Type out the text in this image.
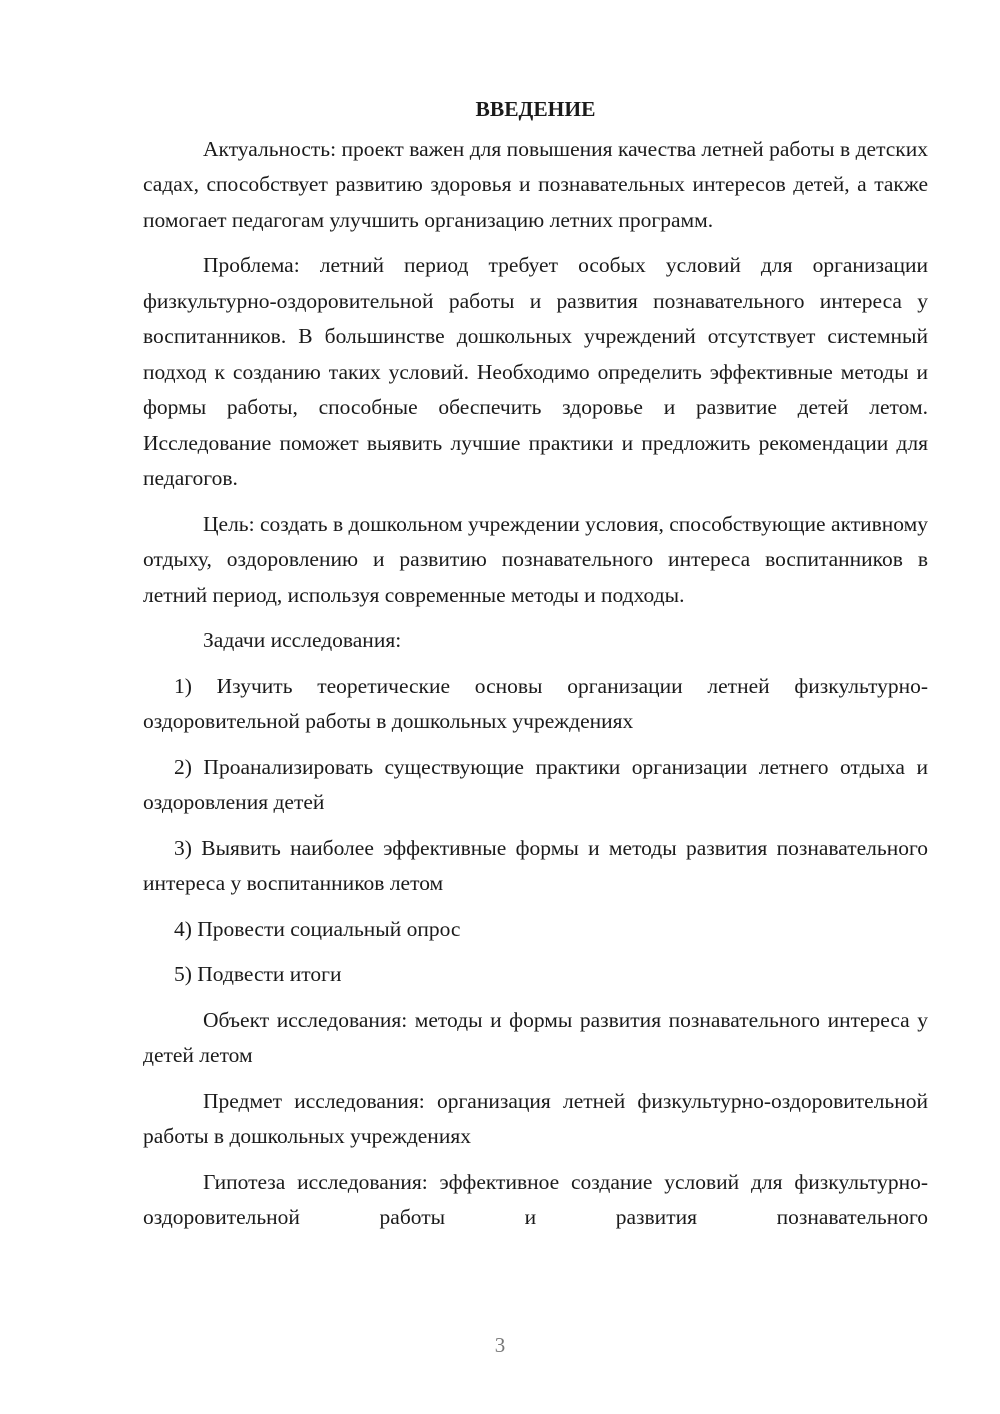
ВВЕДЕНИЕ

Актуальность: проект важен для повышения качества летней работы в детских садах, способствует развитию здоровья и познавательных интересов детей, а также помогает педагогам улучшить организацию летних программ.

Проблема: летний период требует особых условий для организации физкультурно-оздоровительной работы и развития познавательного интереса у воспитанников. В большинстве дошкольных учреждений отсутствует системный подход к созданию таких условий. Необходимо определить эффективные методы и формы работы, способные обеспечить здоровье и развитие детей летом. Исследование поможет выявить лучшие практики и предложить рекомендации для педагогов.

Цель: создать в дошкольном учреждении условия, способствующие активному отдыху, оздоровлению и развитию познавательного интереса воспитанников в летний период, используя современные методы и подходы.

Задачи исследования:

1) Изучить теоретические основы организации летней физкультурно-оздоровительной работы в дошкольных учреждениях

2) Проанализировать существующие практики организации летнего отдыха и оздоровления детей

3) Выявить наиболее эффективные формы и методы развития познавательного интереса у воспитанников летом

4) Провести социальный опрос

5) Подвести итоги

Объект исследования: методы и формы развития познавательного интереса у детей летом

Предмет исследования: организация летней физкультурно-оздоровительной работы в дошкольных учреждениях

Гипотеза исследования: эффективное создание условий для физкультурно-оздоровительной работы и развития познавательного

3
